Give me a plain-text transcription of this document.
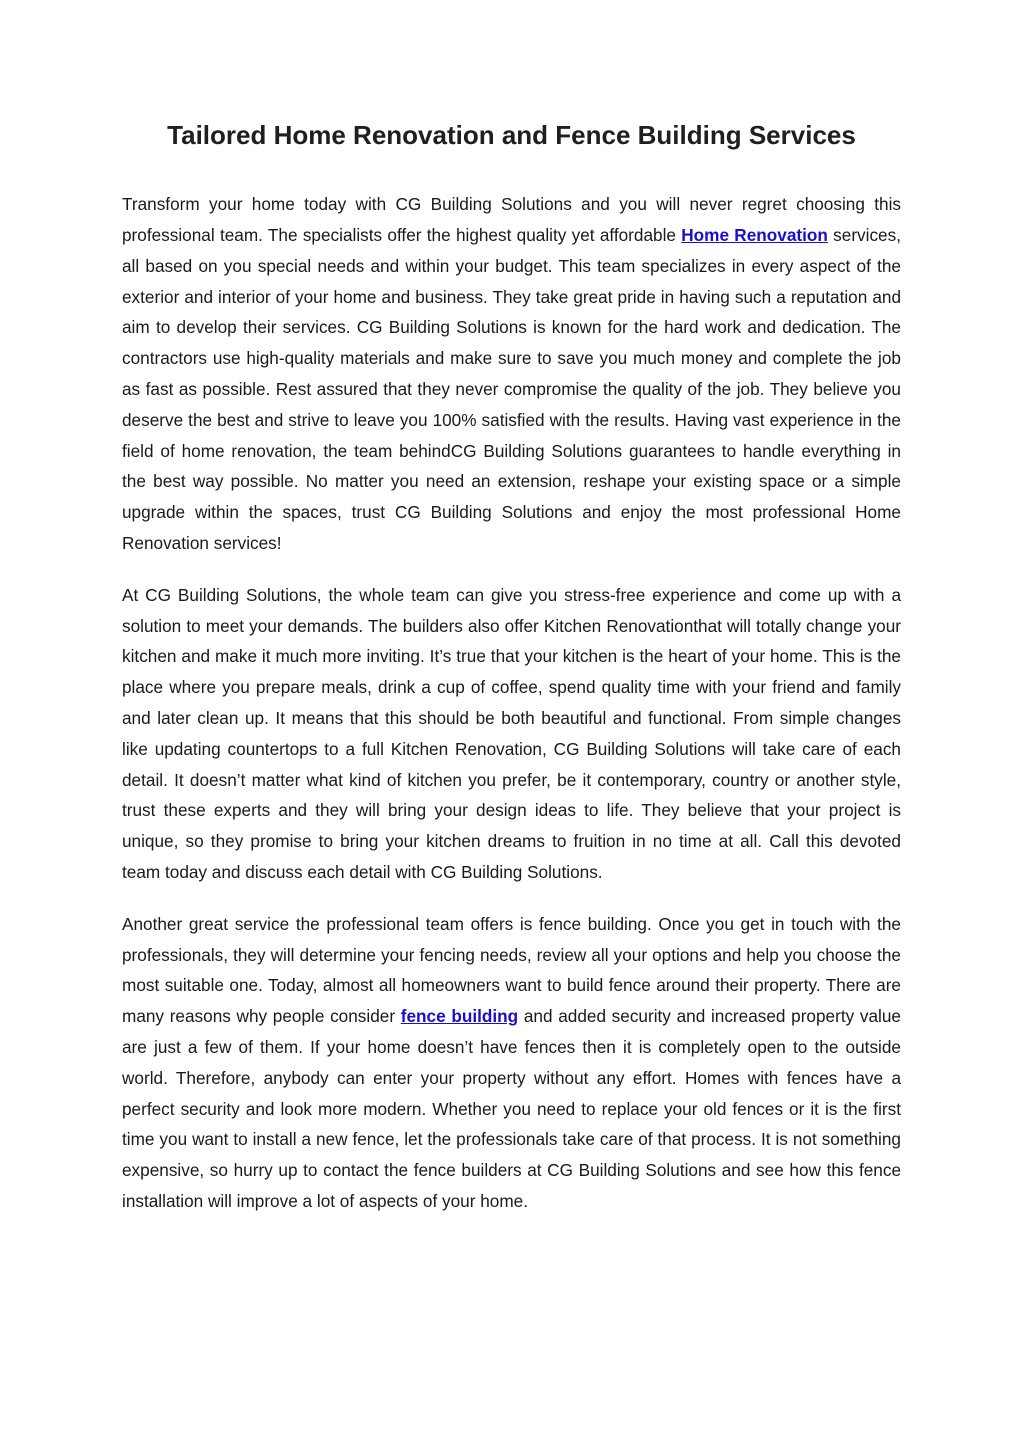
Tailored Home Renovation and Fence Building Services

Transform your home today with CG Building Solutions and you will never regret choosing this professional team. The specialists offer the highest quality yet affordable Home Renovation services, all based on you special needs and within your budget. This team specializes in every aspect of the exterior and interior of your home and business. They take great pride in having such a reputation and aim to develop their services. CG Building Solutions is known for the hard work and dedication. The contractors use high-quality materials and make sure to save you much money and complete the job as fast as possible. Rest assured that they never compromise the quality of the job. They believe you deserve the best and strive to leave you 100% satisfied with the results. Having vast experience in the field of home renovation, the team behindCG Building Solutions guarantees to handle everything in the best way possible. No matter you need an extension, reshape your existing space or a simple upgrade within the spaces, trust CG Building Solutions and enjoy the most professional Home Renovation services!

At CG Building Solutions, the whole team can give you stress-free experience and come up with a solution to meet your demands. The builders also offer Kitchen Renovationthat will totally change your kitchen and make it much more inviting. It’s true that your kitchen is the heart of your home. This is the place where you prepare meals, drink a cup of coffee, spend quality time with your friend and family and later clean up. It means that this should be both beautiful and functional. From simple changes like updating countertops to a full Kitchen Renovation, CG Building Solutions will take care of each detail. It doesn’t matter what kind of kitchen you prefer, be it contemporary, country or another style, trust these experts and they will bring your design ideas to life. They believe that your project is unique, so they promise to bring your kitchen dreams to fruition in no time at all. Call this devoted team today and discuss each detail with CG Building Solutions.

Another great service the professional team offers is fence building. Once you get in touch with the professionals, they will determine your fencing needs, review all your options and help you choose the most suitable one. Today, almost all homeowners want to build fence around their property. There are many reasons why people consider fence building and added security and increased property value are just a few of them. If your home doesn’t have fences then it is completely open to the outside world. Therefore, anybody can enter your property without any effort. Homes with fences have a perfect security and look more modern. Whether you need to replace your old fences or it is the first time you want to install a new fence, let the professionals take care of that process. It is not something expensive, so hurry up to contact the fence builders at CG Building Solutions and see how this fence installation will improve a lot of aspects of your home.
